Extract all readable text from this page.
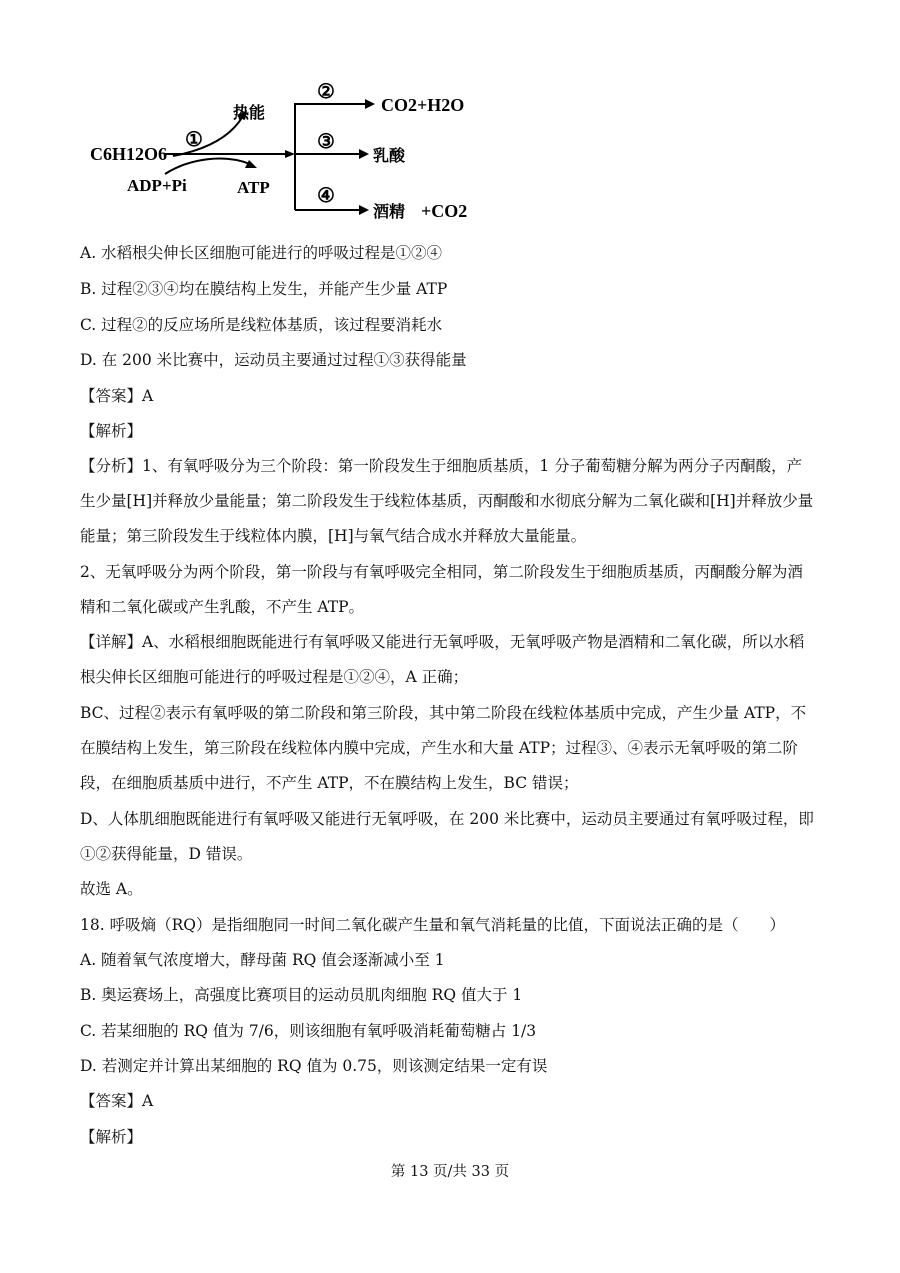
C6H12O6
①
热能
ADP+Pi	ATP
②
CO2+H2O
③
乳酸
④
酒精 +CO2
A. 水稻根尖伸长区细胞可能进行的呼吸过程是①②④
B. 过程②③④均在膜结构上发生，并能产生少量 ATP
C. 过程②的反应场所是线粒体基质，该过程要消耗水
D. 在 200 米比赛中，运动员主要通过过程①③获得能量
【答案】A
【解析】
【分析】1、有氧呼吸分为三个阶段：第一阶段发生于细胞质基质，1 分子葡萄糖分解为两分子丙酮酸，产
生少量[H]并释放少量能量；第二阶段发生于线粒体基质，丙酮酸和水彻底分解为二氧化碳和[H]并释放少量
能量；第三阶段发生于线粒体内膜，[H]与氧气结合成水并释放大量能量。
2、无氧呼吸分为两个阶段，第一阶段与有氧呼吸完全相同，第二阶段发生于细胞质基质，丙酮酸分解为酒
精和二氧化碳或产生乳酸，不产生 ATP。
【详解】A、水稻根细胞既能进行有氧呼吸又能进行无氧呼吸，无氧呼吸产物是酒精和二氧化碳，所以水稻
根尖伸长区细胞可能进行的呼吸过程是①②④，A 正确；
BC、过程②表示有氧呼吸的第二阶段和第三阶段，其中第二阶段在线粒体基质中完成，产生少量 ATP，不
在膜结构上发生，第三阶段在线粒体内膜中完成，产生水和大量 ATP；过程③、④表示无氧呼吸的第二阶
段，在细胞质基质中进行，不产生 ATP，不在膜结构上发生，BC 错误；
D、人体肌细胞既能进行有氧呼吸又能进行无氧呼吸，在 200 米比赛中，运动员主要通过有氧呼吸过程，即
①②获得能量，D 错误。
故选 A。
18. 呼吸熵（RQ）是指细胞同一时间二氧化碳产生量和氧气消耗量的比值，下面说法正确的是（　　）
A. 随着氧气浓度增大，酵母菌 RQ 值会逐渐减小至 1
B. 奥运赛场上，高强度比赛项目的运动员肌肉细胞 RQ 值大于 1
C. 若某细胞的 RQ 值为 7/6，则该细胞有氧呼吸消耗葡萄糖占 1/3
D. 若测定并计算出某细胞的 RQ 值为 0.75，则该测定结果一定有误
【答案】A
【解析】
第 13 页/共 33 页
